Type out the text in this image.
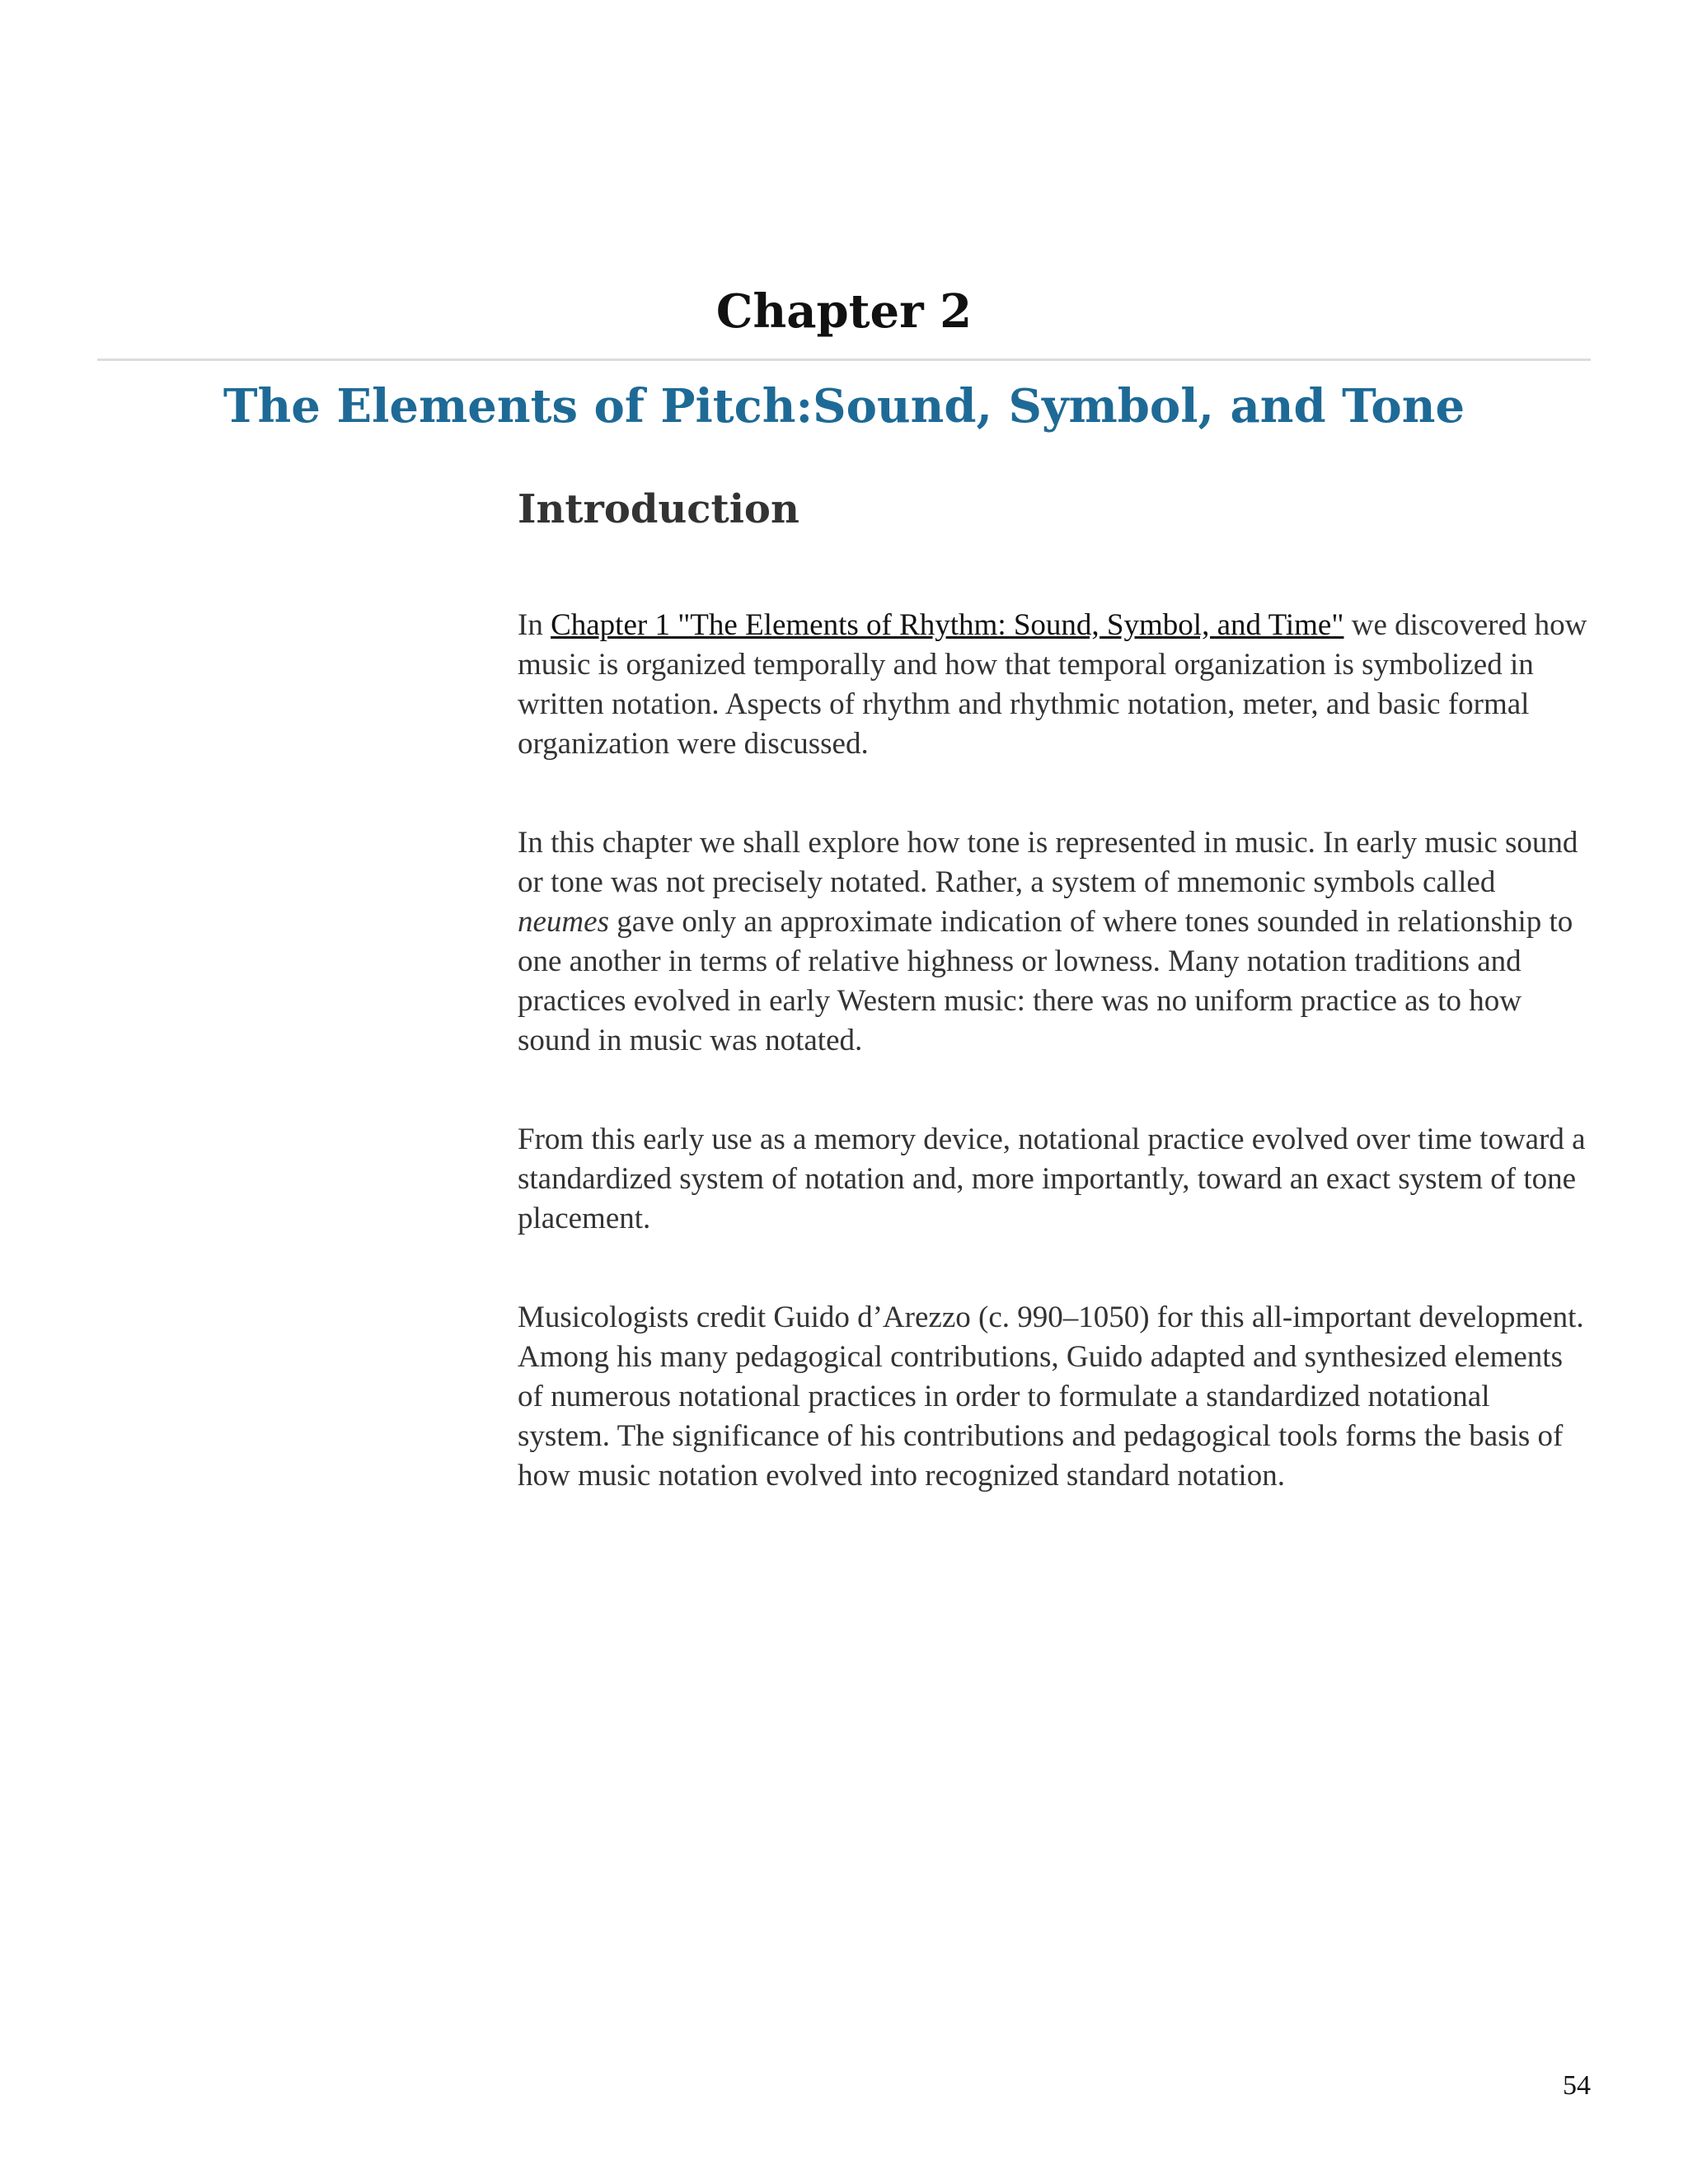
Chapter 2
The Elements of Pitch:Sound, Symbol, and Tone
Introduction

In Chapter 1 "The Elements of Rhythm: Sound, Symbol, and Time" we discovered how music is organized temporally and how that temporal organization is symbolized in written notation. Aspects of rhythm and rhythmic notation, meter, and basic formal organization were discussed.

In this chapter we shall explore how tone is represented in music. In early music sound or tone was not precisely notated. Rather, a system of mnemonic symbols called neumes gave only an approximate indication of where tones sounded in relationship to one another in terms of relative highness or lowness. Many notation traditions and practices evolved in early Western music: there was no uniform practice as to how sound in music was notated.

From this early use as a memory device, notational practice evolved over time toward a standardized system of notation and, more importantly, toward an exact system of tone placement.

Musicologists credit Guido d’Arezzo (c. 990–1050) for this all-important development. Among his many pedagogical contributions, Guido adapted and synthesized elements of numerous notational practices in order to formulate a standardized notational system. The significance of his contributions and pedagogical tools forms the basis of how music notation evolved into recognized standard notation.

54
